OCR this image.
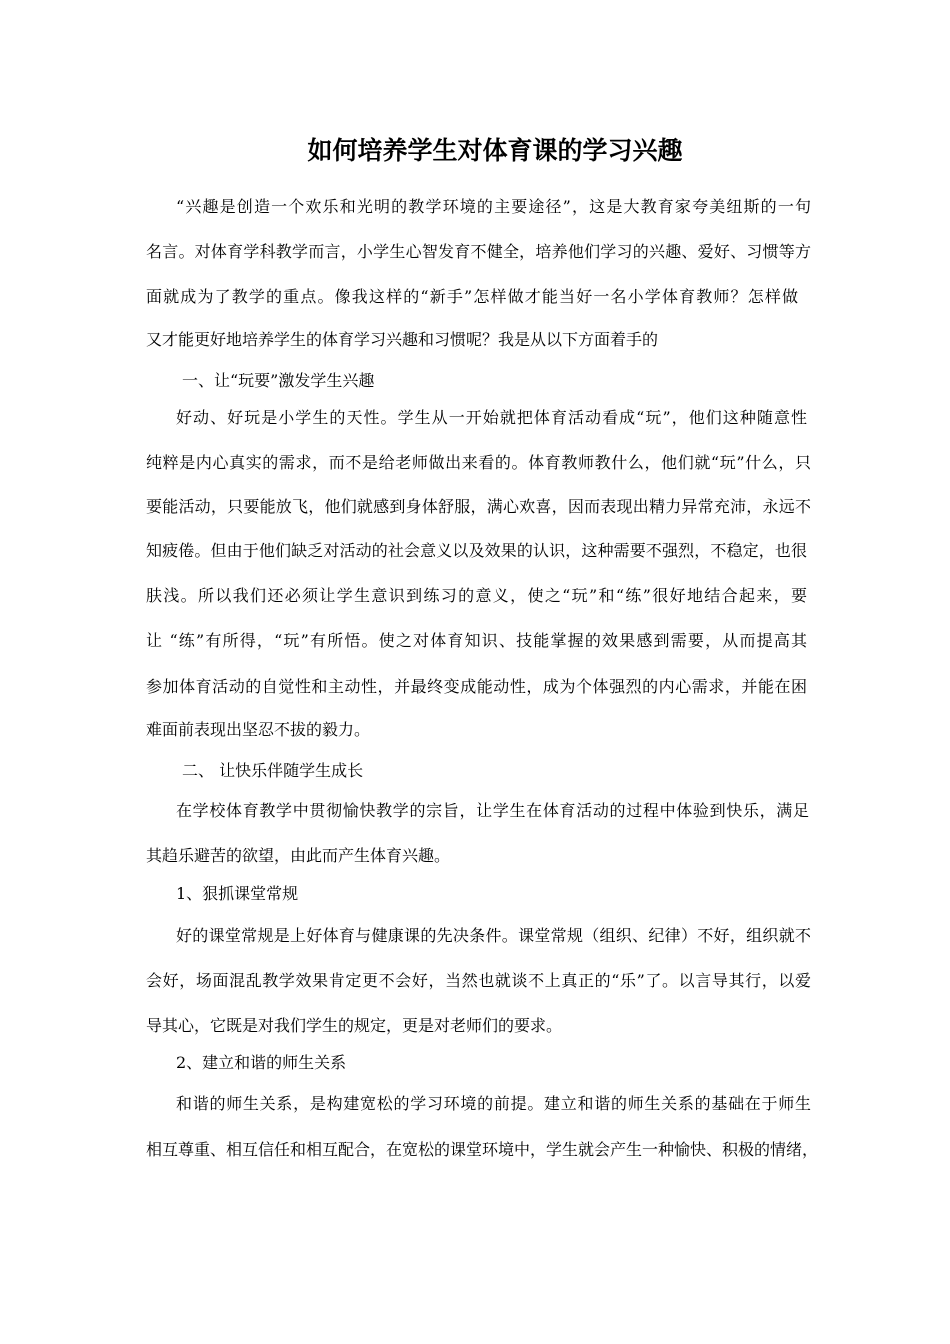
如何培养学生对体育课的学习兴趣
“兴趣是创造一个欢乐和光明的教学环境的主要途径”，这是大教育家夸美纽斯的一句
名言。对体育学科教学而言，小学生心智发育不健全，培养他们学习的兴趣、爱好、习惯等方
面就成为了教学的重点。像我这样的“新手”怎样做才能当好一名小学体育教师？怎样做
又才能更好地培养学生的体育学习兴趣和习惯呢？我是从以下方面着手的
一、让“玩要”激发学生兴趣
好动、好玩是小学生的天性。学生从一开始就把体育活动看成“玩”，他们这种随意性
纯粹是内心真实的需求，而不是给老师做出来看的。体育教师教什么，他们就“玩”什么，只
要能活动，只要能放飞，他们就感到身体舒服，满心欢喜，因而表现出精力异常充沛，永远不
知疲倦。但由于他们缺乏对活动的社会意义以及效果的认识，这种需要不强烈，不稳定，也很
肤浅。所以我们还必须让学生意识到练习的意义，使之“玩”和“练”很好地结合起来，要
让 “练”有所得，“玩”有所悟。使之对体育知识、技能掌握的效果感到需要，从而提高其
参加体育活动的自觉性和主动性，并最终变成能动性，成为个体强烈的内心需求，并能在困
难面前表现出坚忍不拔的毅力。
二、 让快乐伴随学生成长
在学校体育教学中贯彻愉快教学的宗旨，让学生在体育活动的过程中体验到快乐，满足
其趋乐避苦的欲望，由此而产生体育兴趣。
1、狠抓课堂常规
好的课堂常规是上好体育与健康课的先决条件。课堂常规（组织、纪律）不好，组织就不
会好，场面混乱教学效果肯定更不会好，当然也就谈不上真正的“乐”了。以言导其行，以爱
导其心，它既是对我们学生的规定，更是对老师们的要求。
2、建立和谐的师生关系
和谐的师生关系，是构建宽松的学习环境的前提。建立和谐的师生关系的基础在于师生
相互尊重、相互信任和相互配合，在宽松的课堂环境中，学生就会产生一种愉快、积极的情绪，
